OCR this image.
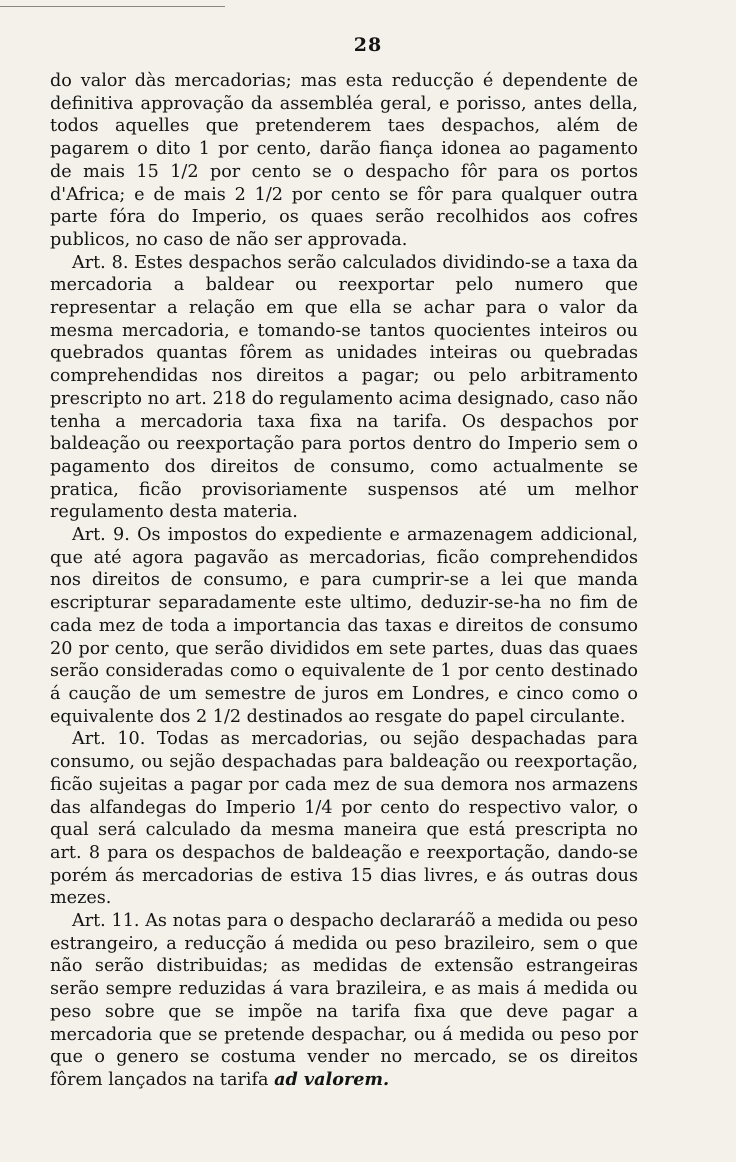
28

do valor dàs mercadorias; mas esta reducção é dependente de definitiva approvação da assembléa geral, e porisso, antes della, todos aquelles que pretenderem taes despachos, além de pagarem o dito 1 por cento, darão fiança idonea ao pagamento de mais 15 1/2 por cento se o despacho fôr para os portos d'Africa; e de mais 2 1/2 por cento se fôr para qualquer outra parte fóra do Imperio, os quaes serão recolhidos aos cofres publicos, no caso de não ser approvada.

Art. 8. Estes despachos serão calculados dividindo-se a taxa da mercadoria a baldear ou reexportar pelo numero que representar a relação em que ella se achar para o valor da mesma mercadoria, e tomando-se tantos quocientes inteiros ou quebrados quantas fôrem as unidades inteiras ou quebradas comprehendidas nos direitos a pagar; ou pelo arbitramento prescripto no art. 218 do regulamento acima designado, caso não tenha a mercadoria taxa fixa na tarifa. Os despachos por baldeação ou reexportação para portos dentro do Imperio sem o pagamento dos direitos de consumo, como actualmente se pratica, ficão provisoriamente suspensos até um melhor regulamento desta materia.

Art. 9. Os impostos do expediente e armazenagem addicional, que até agora pagavão as mercadorias, ficão comprehendidos nos direitos de consumo, e para cumprir-se a lei que manda escripturar separadamente este ultimo, deduzir-se-ha no fim de cada mez de toda a importancia das taxas e direitos de consumo 20 por cento, que serão divididos em sete partes, duas das quaes serão consideradas como o equivalente de 1 por cento destinado á caução de um semestre de juros em Londres, e cinco como o equivalente dos 2 1/2 destinados ao resgate do papel circulante.

Art. 10. Todas as mercadorias, ou sejão despachadas para consumo, ou sejão despachadas para baldeação ou reexportação, ficão sujeitas a pagar por cada mez de sua demora nos armazens das alfandegas do Imperio 1/4 por cento do respectivo valor, o qual será calculado da mesma maneira que está prescripta no art. 8 para os despachos de baldeação e reexportação, dando-se porém ás mercadorias de estiva 15 dias livres, e ás outras dous mezes.

Art. 11. As notas para o despacho declararáõ a medida ou peso estrangeiro, a reducção á medida ou peso brazileiro, sem o que não serão distribuidas; as medidas de extensão estrangeiras serão sempre reduzidas á vara brazileira, e as mais á medida ou peso sobre que se impõe na tarifa fixa que deve pagar a mercadoria que se pretende despachar, ou á medida ou peso por que o genero se costuma vender no mercado, se os direitos fôrem lançados na tarifa ad valorem.
